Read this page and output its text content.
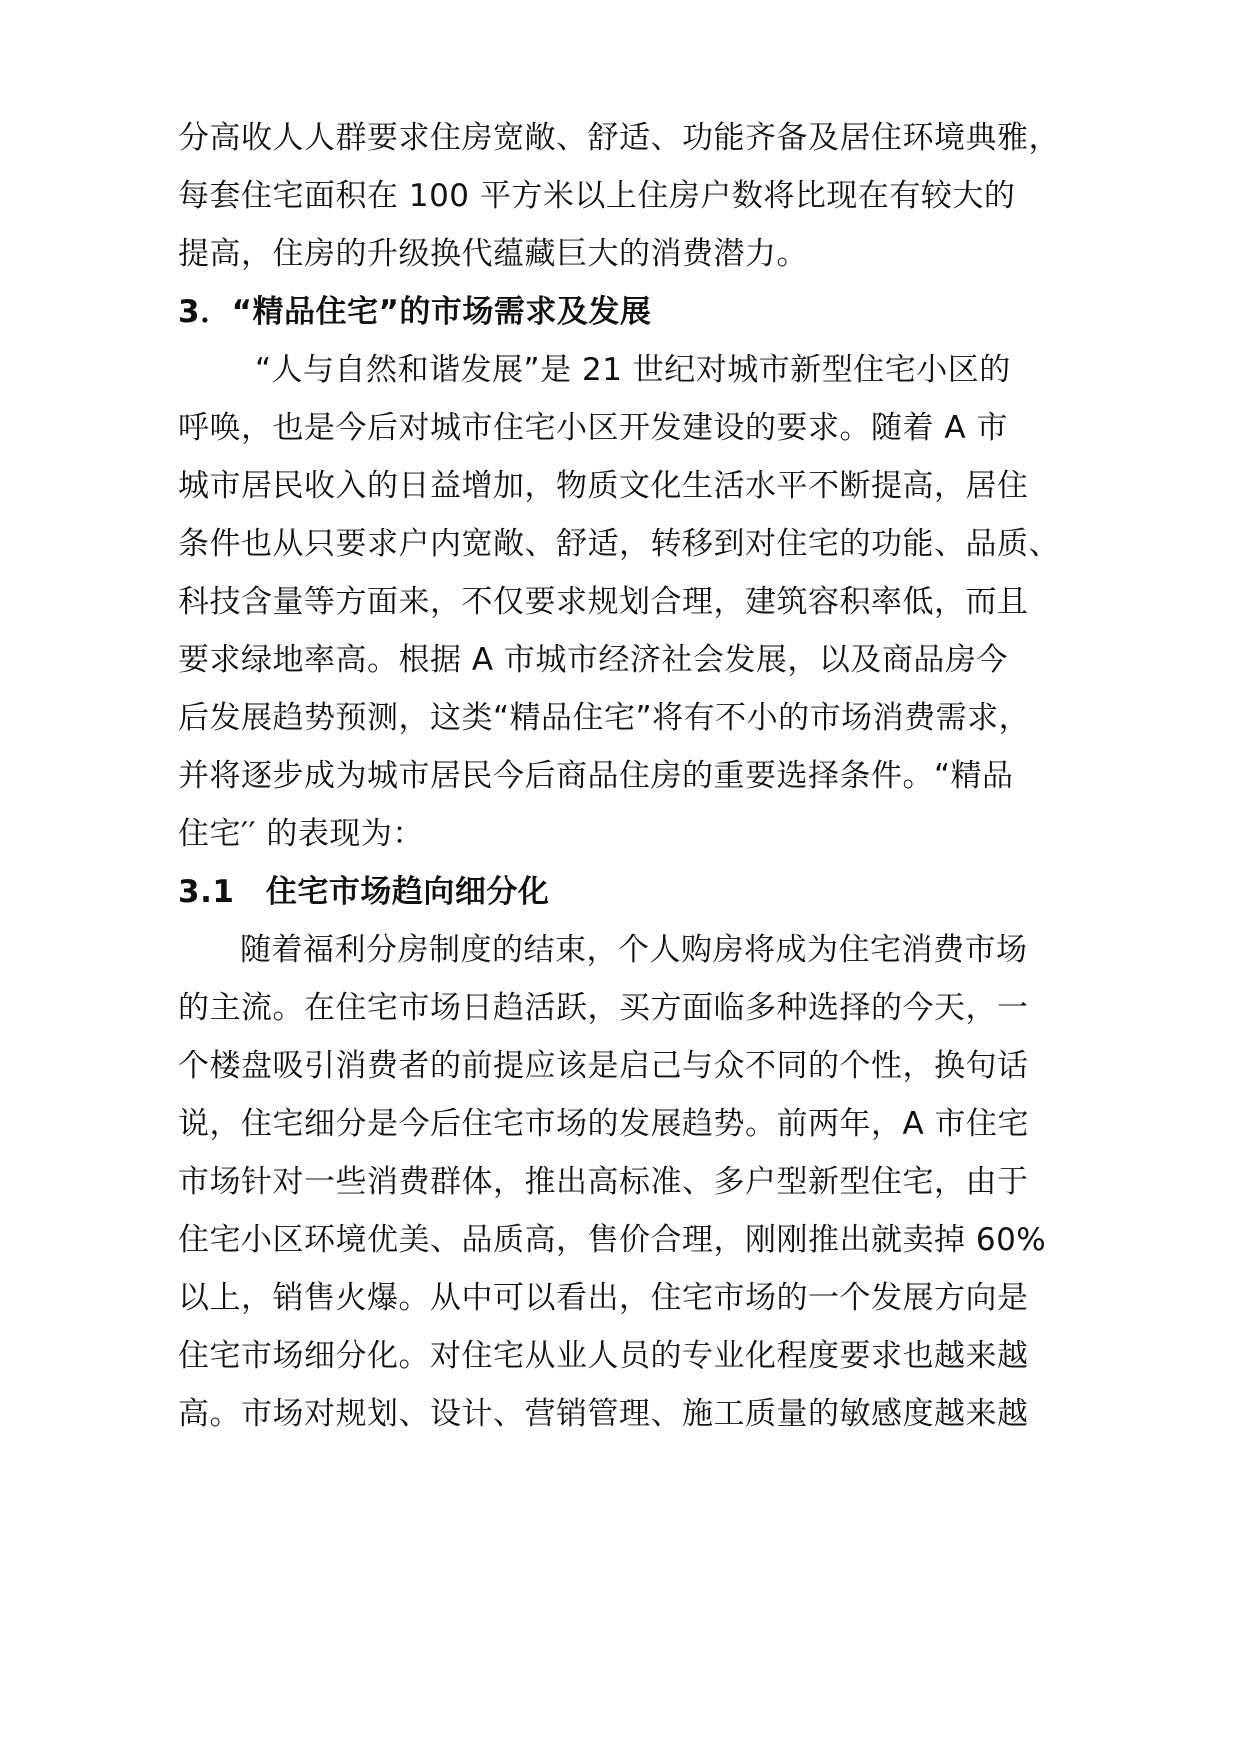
分高收人人群要求住房宽敞、舒适、功能齐备及居住环境典雅，
每套住宅面积在 100 平方米以上住房户数将比现在有较大的
提高，住房的升级换代蕴藏巨大的消费潜力。
3．“精品住宅”的市场需求及发展
“人与自然和谐发展”是 21 世纪对城市新型住宅小区的
呼唤，也是今后对城市住宅小区开发建设的要求。随着 A 市
城市居民收入的日益增加，物质文化生活水平不断提高，居住
条件也从只要求户内宽敞、舒适，转移到对住宅的功能、品质、
科技含量等方面来，不仅要求规划合理，建筑容积率低，而且
要求绿地率高。根据 A 市城市经济社会发展，以及商品房今
后发展趋势预测，这类“精品住宅”将有不小的市场消费需求，
并将逐步成为城市居民今后商品住房的重要选择条件。“精品
住宅′′ 的表现为：
3.1　住宅市场趋向细分化
随着福利分房制度的结束，个人购房将成为住宅消费市场
的主流。在住宅市场日趋活跃，买方面临多种选择的今天，一
个楼盘吸引消费者的前提应该是启己与众不同的个性，换句话
说，住宅细分是今后住宅市场的发展趋势。前两年，A 市住宅
市场针对一些消费群体，推出高标准、多户型新型住宅，由于
住宅小区环境优美、品质高，售价合理，刚刚推出就卖掉 60%
以上，销售火爆。从中可以看出，住宅市场的一个发展方向是
住宅市场细分化。对住宅从业人员的专业化程度要求也越来越
高。市场对规划、设计、营销管理、施工质量的敏感度越来越
